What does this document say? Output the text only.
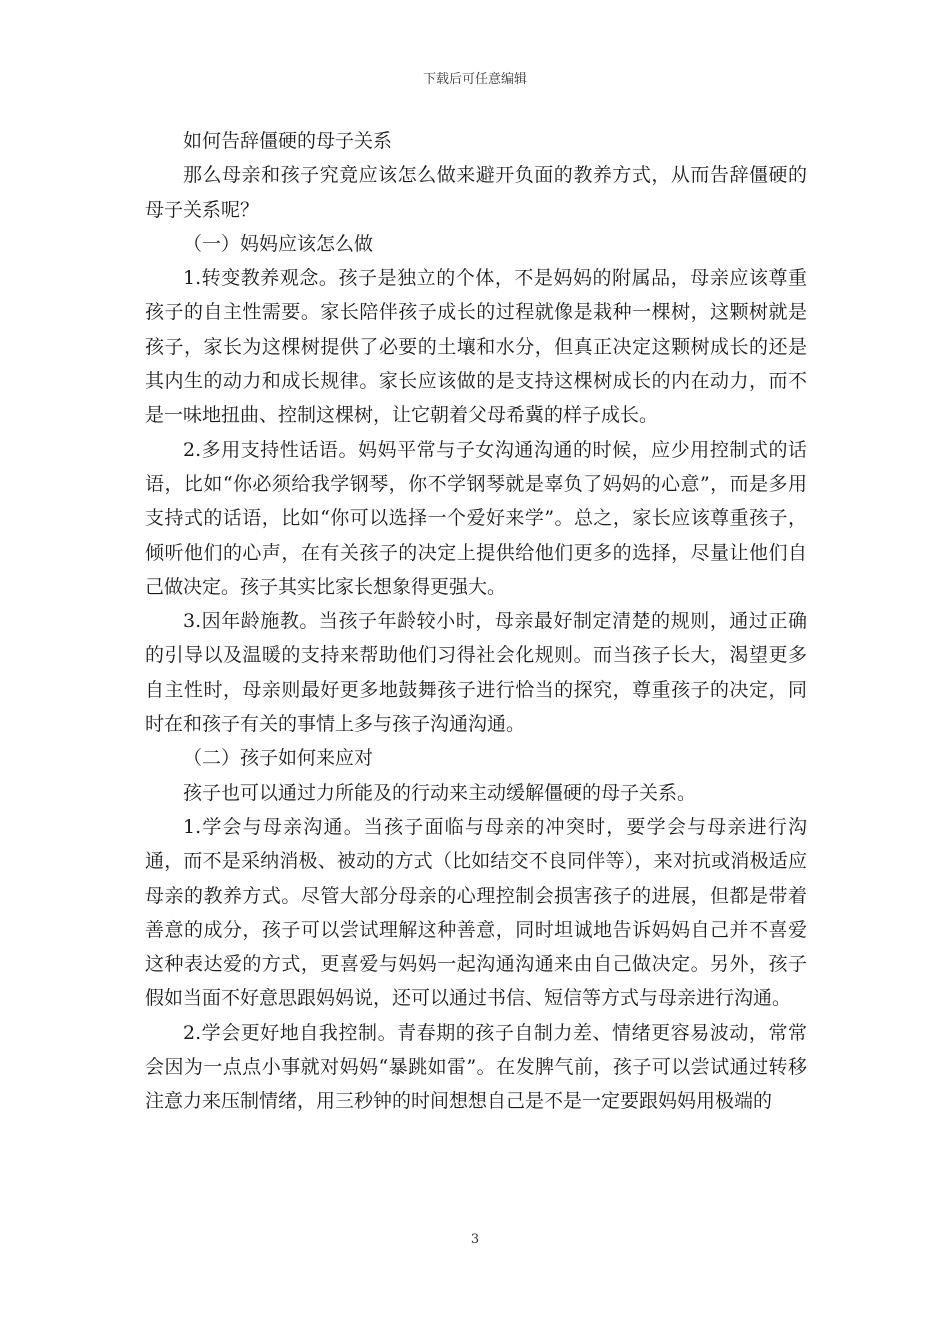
下载后可任意编辑

如何告辞僵硬的母子关系

那么母亲和孩子究竟应该怎么做来避开负面的教养方式，从而告辞僵硬的母子关系呢？

（一）妈妈应该怎么做

1.转变教养观念。孩子是独立的个体，不是妈妈的附属品，母亲应该尊重孩子的自主性需要。家长陪伴孩子成长的过程就像是栽种一棵树，这颗树就是孩子，家长为这棵树提供了必要的土壤和水分，但真正决定这颗树成长的还是其内生的动力和成长规律。家长应该做的是支持这棵树成长的内在动力，而不是一味地扭曲、控制这棵树，让它朝着父母希冀的样子成长。

2.多用支持性话语。妈妈平常与子女沟通沟通的时候，应少用控制式的话语，比如“你必须给我学钢琴，你不学钢琴就是辜负了妈妈的心意”，而是多用支持式的话语，比如“你可以选择一个爱好来学”。总之，家长应该尊重孩子，倾听他们的心声，在有关孩子的决定上提供给他们更多的选择，尽量让他们自己做决定。孩子其实比家长想象得更强大。

3.因年龄施教。当孩子年龄较小时，母亲最好制定清楚的规则，通过正确的引导以及温暖的支持来帮助他们习得社会化规则。而当孩子长大，渴望更多自主性时，母亲则最好更多地鼓舞孩子进行恰当的探究，尊重孩子的决定，同时在和孩子有关的事情上多与孩子沟通沟通。

（二）孩子如何来应对

孩子也可以通过力所能及的行动来主动缓解僵硬的母子关系。

1.学会与母亲沟通。当孩子面临与母亲的冲突时，要学会与母亲进行沟通，而不是采纳消极、被动的方式（比如结交不良同伴等），来对抗或消极适应母亲的教养方式。尽管大部分母亲的心理控制会损害孩子的进展，但都是带着善意的成分，孩子可以尝试理解这种善意，同时坦诚地告诉妈妈自己并不喜爱这种表达爱的方式，更喜爱与妈妈一起沟通沟通来由自己做决定。另外，孩子假如当面不好意思跟妈妈说，还可以通过书信、短信等方式与母亲进行沟通。

2.学会更好地自我控制。青春期的孩子自制力差、情绪更容易波动，常常会因为一点点小事就对妈妈“暴跳如雷”。在发脾气前，孩子可以尝试通过转移注意力来压制情绪，用三秒钟的时间想想自己是不是一定要跟妈妈用极端的

3
